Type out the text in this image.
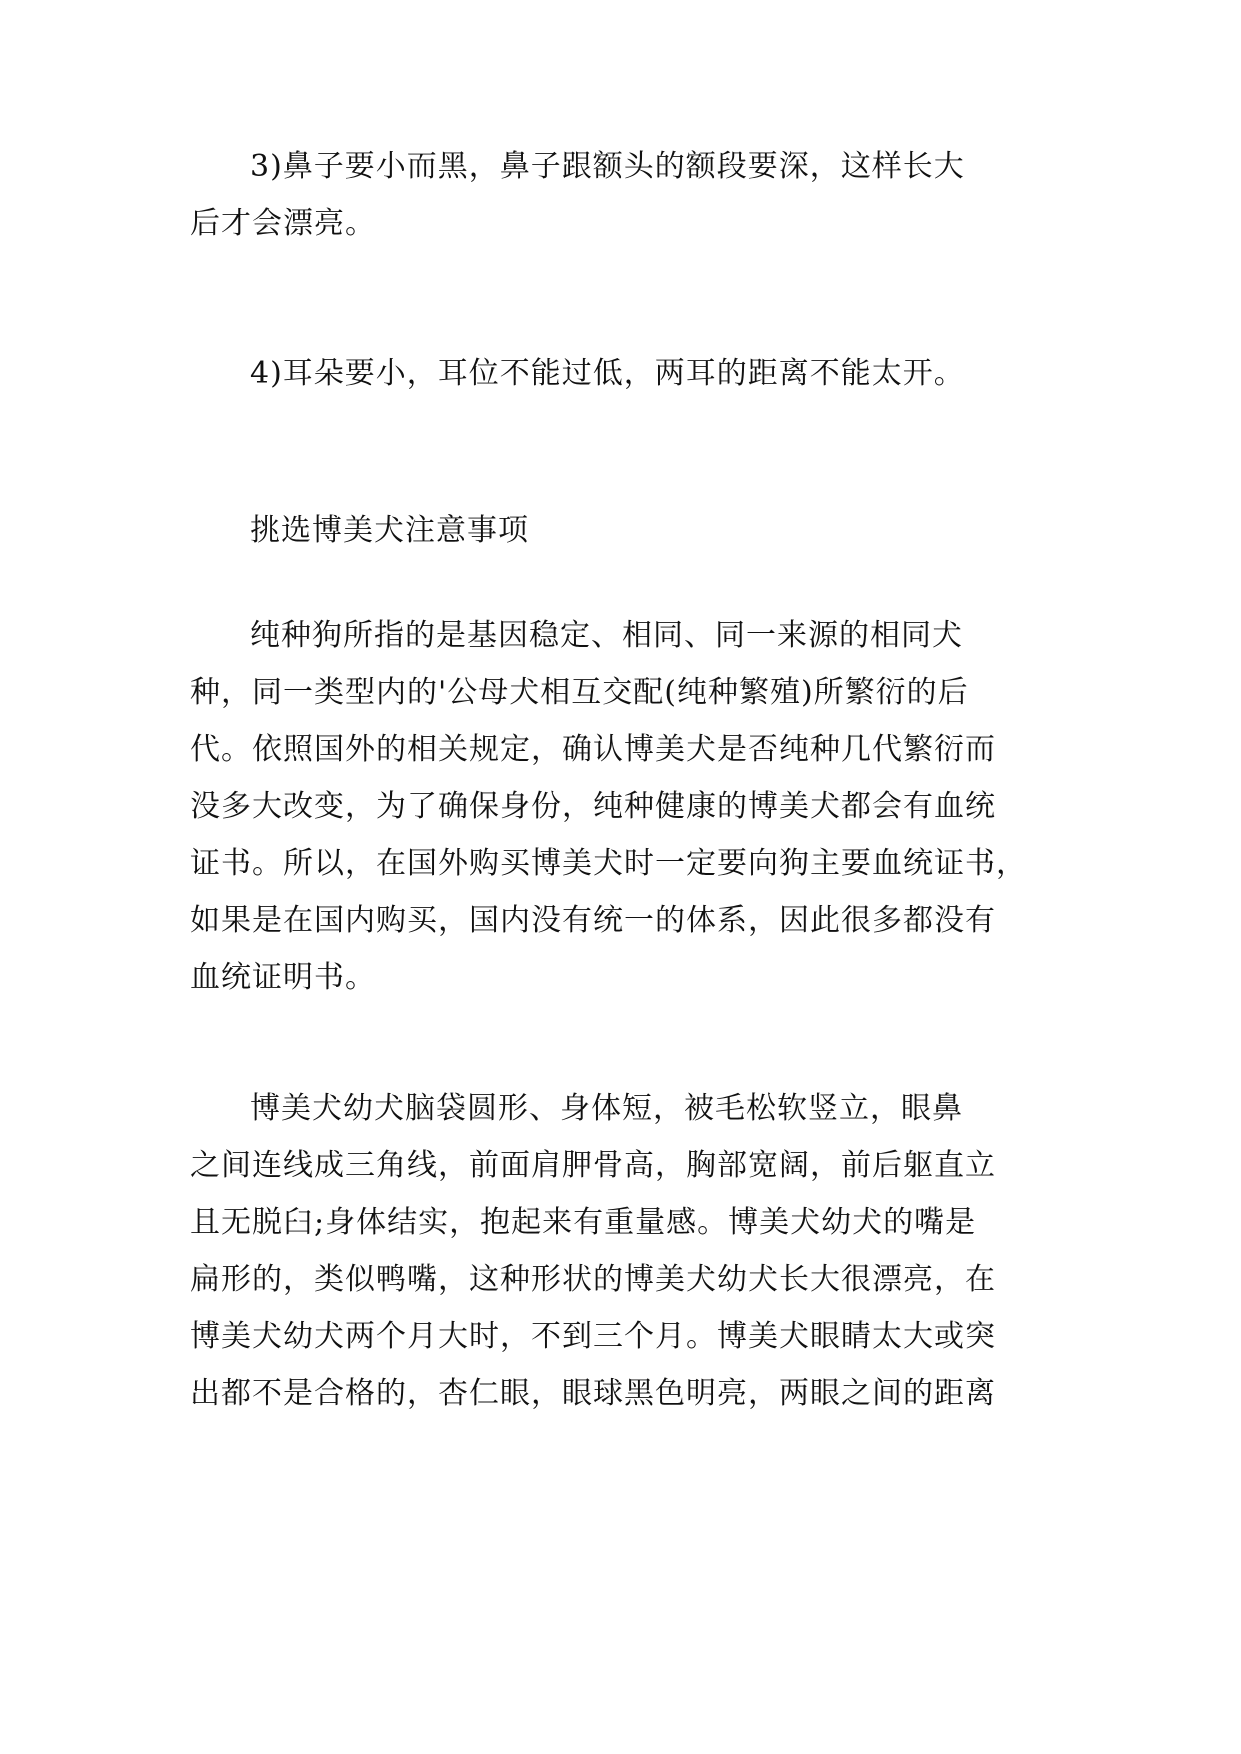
3)鼻子要小而黑，鼻子跟额头的额段要深，这样长大
后才会漂亮。

4)耳朵要小，耳位不能过低，两耳的距离不能太开。

挑选博美犬注意事项

纯种狗所指的是基因稳定、相同、同一来源的相同犬
种，同一类型内的'公母犬相互交配(纯种繁殖)所繁衍的后
代。依照国外的相关规定，确认博美犬是否纯种几代繁衍而
没多大改变，为了确保身份，纯种健康的博美犬都会有血统
证书。所以，在国外购买博美犬时一定要向狗主要血统证书，
如果是在国内购买，国内没有统一的体系，因此很多都没有
血统证明书。

博美犬幼犬脑袋圆形、身体短，被毛松软竖立，眼鼻
之间连线成三角线，前面肩胛骨高，胸部宽阔，前后躯直立
且无脱臼;身体结实，抱起来有重量感。博美犬幼犬的嘴是
扁形的，类似鸭嘴，这种形状的博美犬幼犬长大很漂亮，在
博美犬幼犬两个月大时，不到三个月。博美犬眼睛太大或突
出都不是合格的，杏仁眼，眼球黑色明亮，两眼之间的距离
